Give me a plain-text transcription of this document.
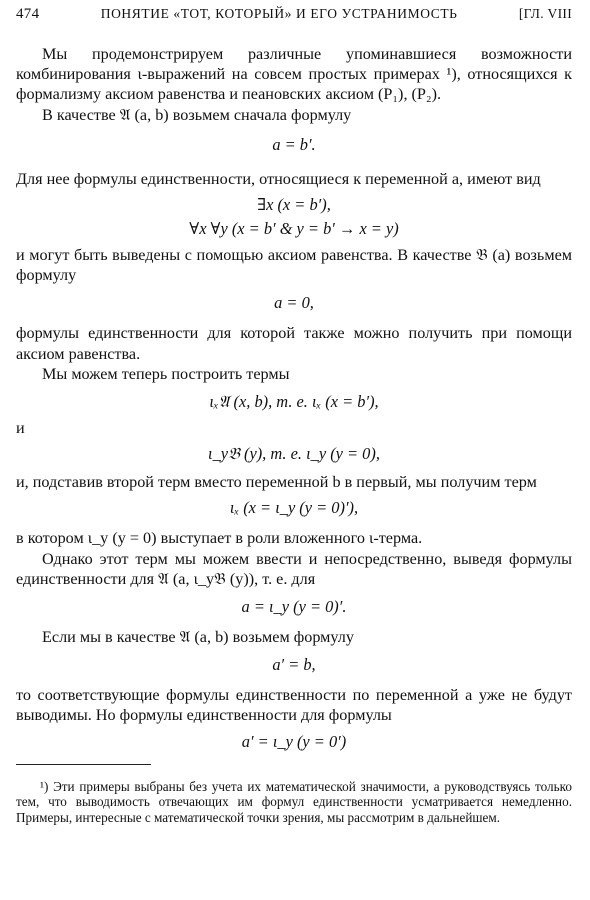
474	ПОНЯТИЕ «ТОТ, КОТОРЫЙ» И ЕГО УСТРАНИМОСТЬ	[ГЛ. VIII

Мы продемонстрируем различные упоминавшиеся возможности комбинирования ι-выражений на совсем простых примерах ¹), относящихся к формализму аксиом равенства и пеановских аксиом (P₁), (P₂).

В качестве 𝔄 (a, b) возьмем сначала формулу

a = b′.

Для нее формулы единственности, относящиеся к переменной a, имеют вид

∃x (x = b′),

∀x ∀y (x = b′ & y = b′ → x = y)

и могут быть выведены с помощью аксиом равенства. В качестве 𝔅 (a) возьмем формулу

a = 0,

формулы единственности для которой также можно получить при помощи аксиом равенства.

Мы можем теперь построить термы

ιₓ𝔄 (x, b), т. е. ιₓ (x = b′),

и

ι_y𝔅 (y), т. е. ι_y (y = 0),

и, подставив второй терм вместо переменной b в первый, мы получим терм

ιₓ (x = ι_y (y = 0)′),

в котором ι_y (y = 0) выступает в роли вложенного ι-терма.

Однако этот терм мы можем ввести и непосредственно, выведя формулы единственности для 𝔄 (a, ι_y𝔅 (y)), т. е. для

a = ι_y (y = 0)′.

Если мы в качестве 𝔄 (a, b) возьмем формулу

a′ = b,

то соответствующие формулы единственности по переменной a уже не будут выводимы. Но формулы единственности для формулы

a′ = ι_y (y = 0′)

¹) Эти примеры выбраны без учета их математической значимости, а руководствуясь только тем, что выводимость отвечающих им формул единственности усматривается немедленно. Примеры, интересные с математической точки зрения, мы рассмотрим в дальнейшем.
